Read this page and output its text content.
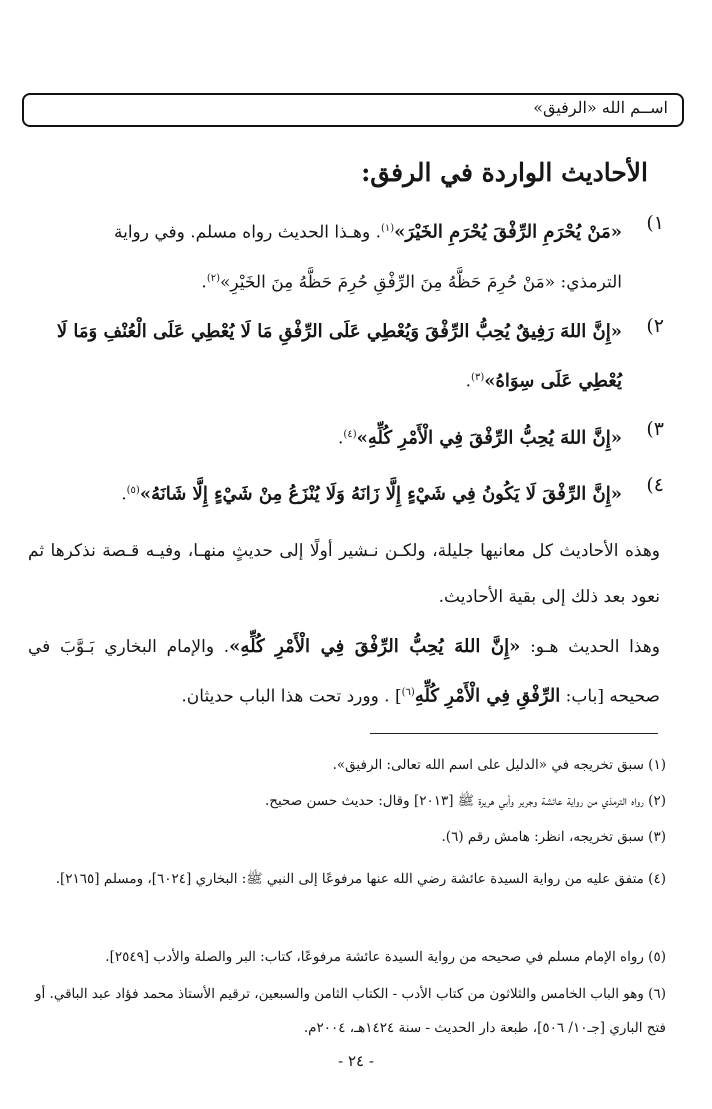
اســم الله «الرفيق»
الأحاديث الواردة في الرفق:
١)
«مَنْ يُحْرَمِ الرِّفْقَ يُحْرَمِ الخَيْرَ»$^{(١)}$. وهـذا الحديث رواه مسلم. وفي رواية
الترمذي: «مَنْ حُرِمَ حَظَّهُ مِنَ الرِّفْقِ حُرِمَ حَظَّهُ مِنَ الخَيْرِ»$^{(٢)}$.
٢)
«إِنَّ اللهَ رَفِيقٌ يُحِبُّ الرِّفْقَ وَيُعْطِي عَلَى الرِّفْقِ مَا لَا يُعْطِي عَلَى الْعُنْفِ وَمَا لَا
يُعْطِي عَلَى سِوَاهُ»$^{(٣)}$.
٣)
«إِنَّ اللهَ يُحِبُّ الرِّفْقَ فِي الْأَمْرِ كُلِّهِ»$^{(٤)}$.
٤)
«إِنَّ الرِّفْقَ لَا يَكُونُ فِي شَيْءٍ إِلَّا زَانَهُ وَلَا يُنْزَعُ مِنْ شَيْءٍ إِلَّا شَانَهُ»$^{(٥)}$.
وهذه الأحاديث كل معانيها جليلة، ولكـن نـشير أولًا إلى حديثٍ منهـا، وفيـه قـصة نذكرها ثم نعود بعد ذلك إلى بقية الأحاديث.
وهذا الحديث هـو: «إِنَّ اللهَ يُحِبُّ الرِّفْقَ فِي الْأَمْرِ كُلِّهِ». والإمام البخاري بَـوَّبَ في صحيحه [باب: الرِّفْقِ فِي الْأَمْرِ كُلِّهِ$^{(٦)}$] . وورد تحت هذا الباب حديثان.
(١) سبق تخريجه في «الدليل على اسم الله تعالى: الرفيق».
(٢) رواه الترمذي من رواية عائشة وجرير وأبي هريرة ﷺ [٢٠١٣] وقال: حديث حسن صحيح.
(٣) سبق تخريجه، انظر: هامش رقم (٦).
(٤) متفق عليه من رواية السيدة عائشة رضي الله عنها مرفوعًا إلى النبي ﷺ: البخاري [٦٠٢٤]، ومسلم [٢١٦٥].
(٥) رواه الإمام مسلم في صحيحه من رواية السيدة عائشة مرفوعًا، كتاب: البر والصلة والأدب [٢٥٤٩].
(٦) وهو الباب الخامس والثلاثون من كتاب الأدب - الكتاب الثامن والسبعين، ترقيم الأستاذ محمد فؤاد عبد الباقي. أو فتح الباري [جـ١٠/ ٥٠٦]، طبعة دار الحديث - سنة ١٤٢٤هـ، ٢٠٠٤م.
- ٢٤ -
